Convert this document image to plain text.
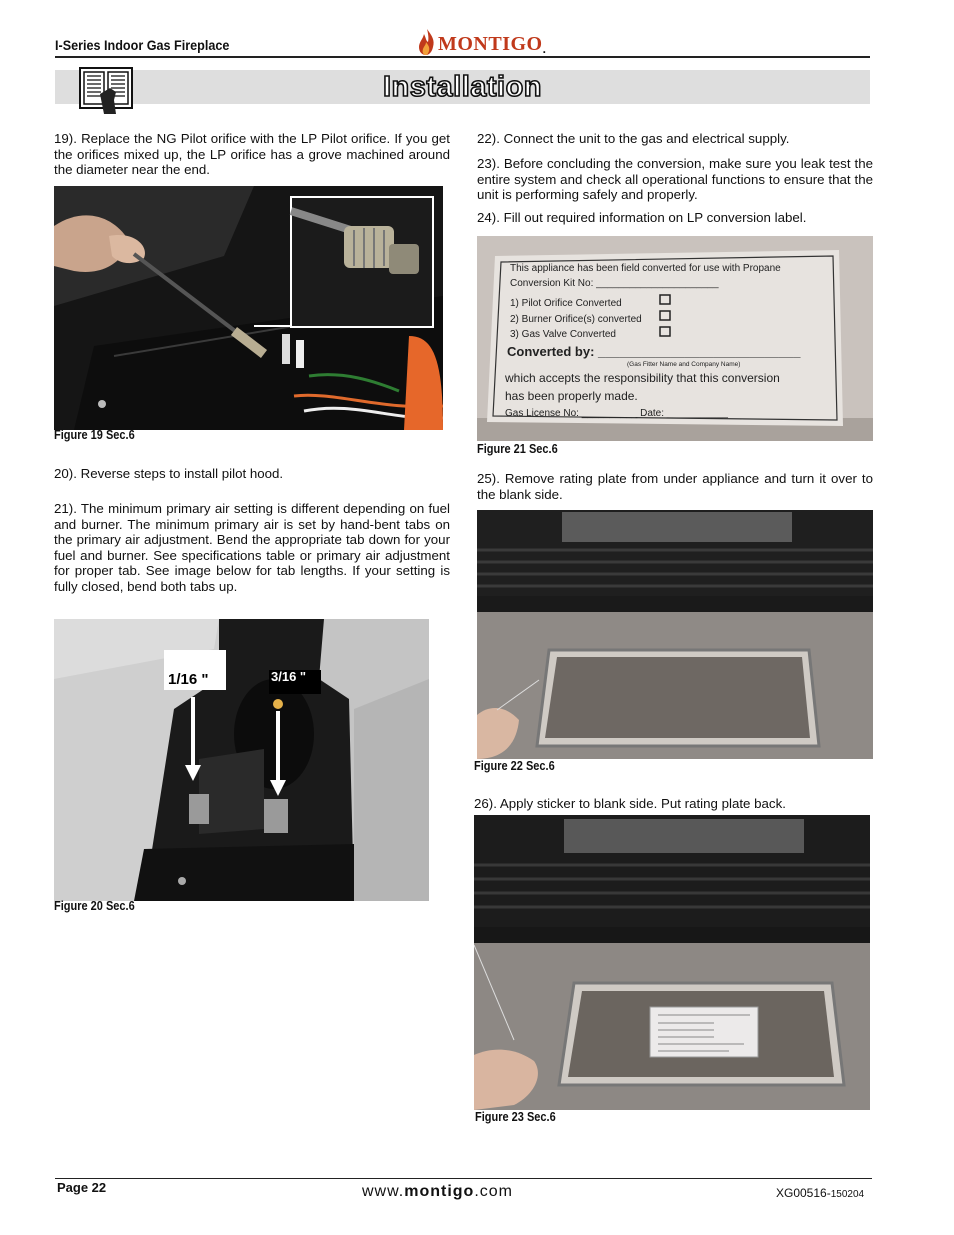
I-Series Indoor Gas Fireplace	MONTIGO .
Installation
19). Replace the NG Pilot orifice with the LP Pilot orifice. If you get the orifices mixed up, the LP orifice has a grove machined around the diameter near the end.
Figure 19 Sec.6
20). Reverse steps to install pilot hood.
21). The minimum primary air setting is different depending on fuel and burner. The minimum primary air is set by hand-bent tabs on the primary air adjustment. Bend the appropriate tab down for your fuel and burner. See specifications table or primary air adjustment for proper tab. See image below for tab lengths. If your setting is fully closed, bend both tabs up.
1/16 "	3/16 "
Figure 20 Sec.6
22). Connect the unit to the gas and electrical supply.
23). Before concluding the conversion, make sure you leak test the entire system and check all operational functions to ensure that the unit is performing safely and properly.
24). Fill out required information on LP conversion label.
This appliance has been field converted for use with Propane
Conversion Kit No: ______________________
1) Pilot Orifice Converted
2) Burner Orifice(s) converted
3) Gas Valve Converted
Converted by: ____________________________
(Gas Fitter Name and Company Name)
which accepts the responsibility that this conversion
has been properly made.
Gas License No: __________ Date: ___________
Figure 21 Sec.6
25). Remove rating plate from under appliance and turn it over to the blank side.
Figure 22 Sec.6
26). Apply sticker to blank side. Put rating plate back.
Figure 23 Sec.6
Page 22	www.montigo.com	XG00516-150204
